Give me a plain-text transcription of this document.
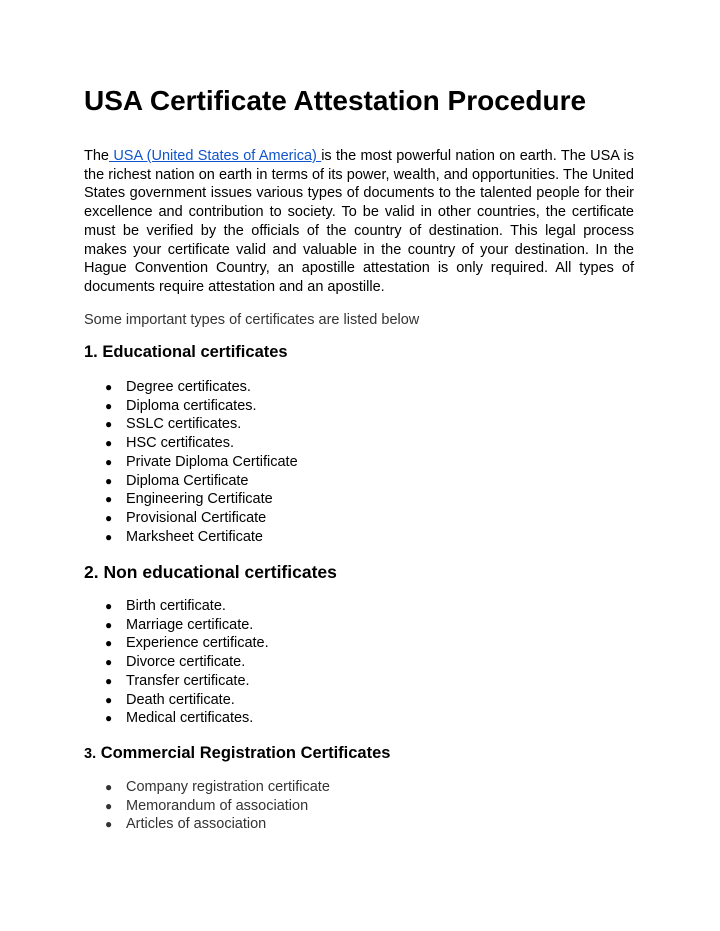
USA Certificate Attestation Procedure

The USA (United States of America) is the most powerful nation on earth. The USA is the richest nation on earth in terms of its power, wealth, and opportunities. The United States government issues various types of documents to the talented people for their excellence and contribution to society. To be valid in other countries, the certificate must be verified by the officials of the country of destination. This legal process makes your certificate valid and valuable in the country of your destination. In the Hague Convention Country, an apostille attestation is only required. All types of documents require attestation and an apostille.

Some important types of certificates are listed below

1. Educational certificates
● Degree certificates.
● Diploma certificates.
● SSLC certificates.
● HSC certificates.
● Private Diploma Certificate
● Diploma Certificate
● Engineering Certificate
● Provisional Certificate
● Marksheet Certificate
2. Non educational certificates
● Birth certificate.
● Marriage certificate.
● Experience certificate.
● Divorce certificate.
● Transfer certificate.
● Death certificate.
● Medical certificates.
3. Commercial Registration Certificates
● Company registration certificate
● Memorandum of association
● Articles of association
